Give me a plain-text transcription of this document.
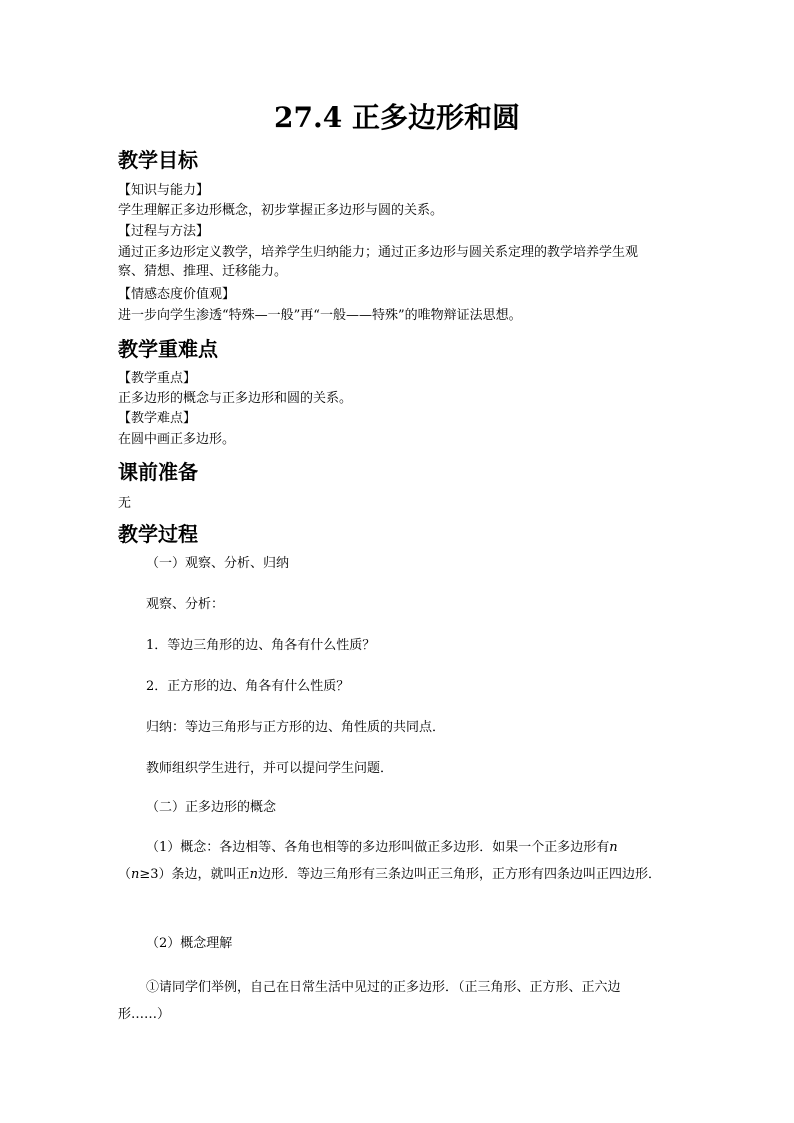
27.4 正多边形和圆
教学目标
【知识与能力】
学生理解正多边形概念，初步掌握正多边形与圆的关系。
【过程与方法】
通过正多边形定义教学，培养学生归纳能力；通过正多边形与圆关系定理的教学培养学生观察、猜想、推理、迁移能力。
【情感态度价值观】
进一步向学生渗透“特殊—一般”再“一般——特殊”的唯物辩证法思想。
教学重难点
【教学重点】
正多边形的概念与正多边形和圆的关系。
【教学难点】
在圆中画正多边形。
课前准备
无
教学过程
（一）观察、分析、归纳
观察、分析：
1．等边三角形的边、角各有什么性质？
2．正方形的边、角各有什么性质？
归纳：等边三角形与正方形的边、角性质的共同点．
教师组织学生进行，并可以提问学生问题．
（二）正多边形的概念
（1）概念：各边相等、各角也相等的多边形叫做正多边形．如果一个正多边形有n
（n≥3）条边，就叫正n边形．等边三角形有三条边叫正三角形，正方形有四条边叫正四边形．
（2）概念理解
①请同学们举例，自己在日常生活中见过的正多边形．（正三角形、正方形、正六边形……）
